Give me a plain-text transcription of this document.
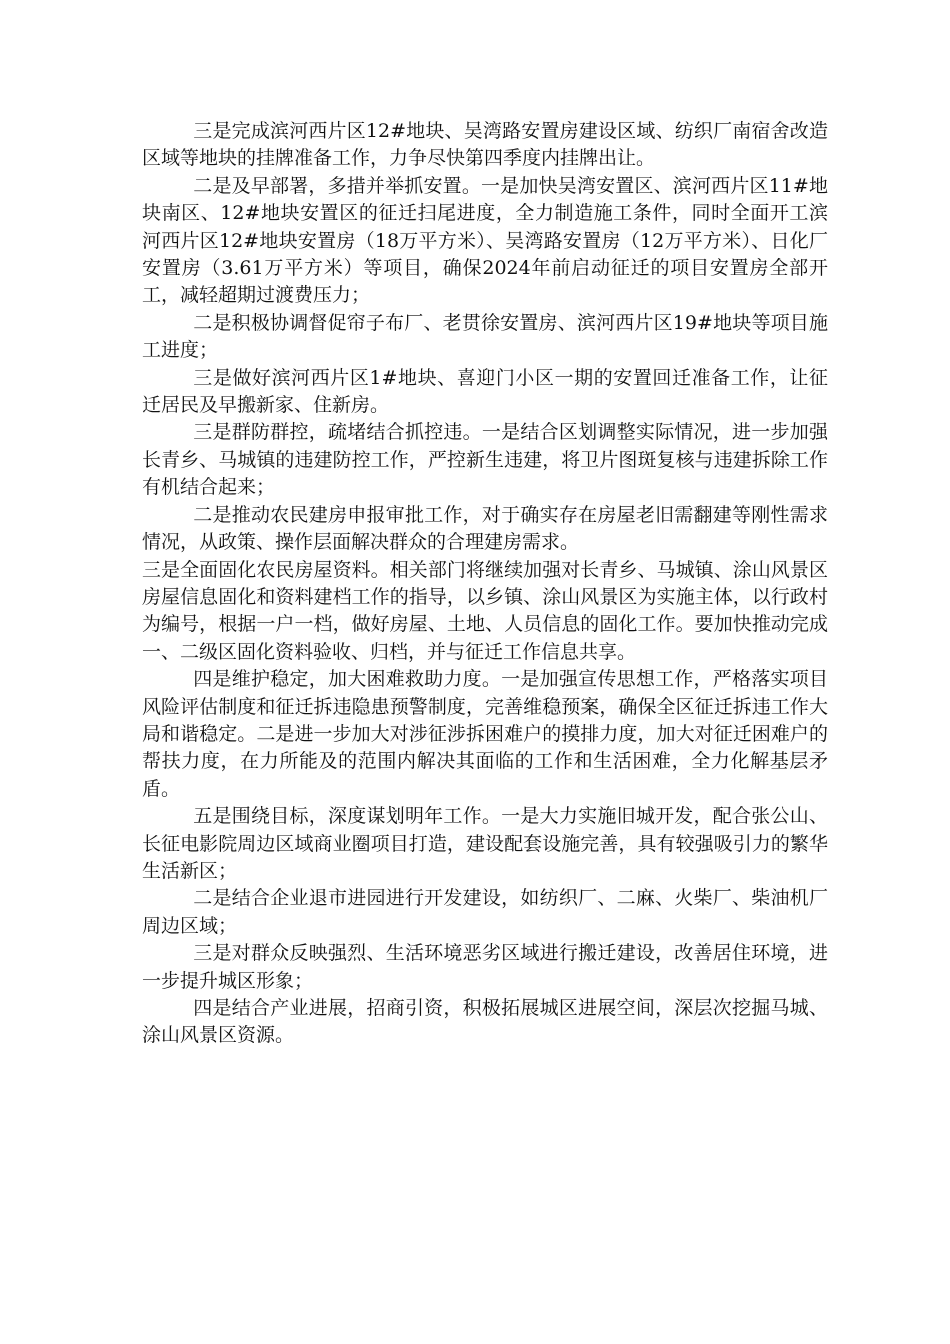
三是完成滨河西片区12#地块、吴湾路安置房建设区域、纺织厂南宿舍改造区域等地块的挂牌准备工作，力争尽快第四季度内挂牌出让。

二是及早部署，多措并举抓安置。一是加快吴湾安置区、滨河西片区11#地块南区、12#地块安置区的征迁扫尾进度，全力制造施工条件，同时全面开工滨河西片区12#地块安置房（18万平方米）、吴湾路安置房（12万平方米）、日化厂安置房（3.61万平方米）等项目，确保2024年前启动征迁的项目安置房全部开工，减轻超期过渡费压力；

二是积极协调督促帘子布厂、老贯徐安置房、滨河西片区19#地块等项目施工进度；

三是做好滨河西片区1#地块、喜迎门小区一期的安置回迁准备工作，让征迁居民及早搬新家、住新房。

三是群防群控，疏堵结合抓控违。一是结合区划调整实际情况，进一步加强长青乡、马城镇的违建防控工作，严控新生违建，将卫片图斑复核与违建拆除工作有机结合起来；

二是推动农民建房申报审批工作，对于确实存在房屋老旧需翻建等刚性需求情况，从政策、操作层面解决群众的合理建房需求。

三是全面固化农民房屋资料。相关部门将继续加强对长青乡、马城镇、涂山风景区房屋信息固化和资料建档工作的指导，以乡镇、涂山风景区为实施主体，以行政村为编号，根据一户一档，做好房屋、土地、人员信息的固化工作。要加快推动完成一、二级区固化资料验收、归档，并与征迁工作信息共享。

四是维护稳定，加大困难救助力度。一是加强宣传思想工作，严格落实项目风险评估制度和征迁拆违隐患预警制度，完善维稳预案，确保全区征迁拆违工作大局和谐稳定。二是进一步加大对涉征涉拆困难户的摸排力度，加大对征迁困难户的帮扶力度，在力所能及的范围内解决其面临的工作和生活困难，全力化解基层矛盾。

五是围绕目标，深度谋划明年工作。一是大力实施旧城开发，配合张公山、长征电影院周边区域商业圈项目打造，建设配套设施完善，具有较强吸引力的繁华生活新区；

二是结合企业退市进园进行开发建设，如纺织厂、二麻、火柴厂、柴油机厂周边区域；

三是对群众反映强烈、生活环境恶劣区域进行搬迁建设，改善居住环境，进一步提升城区形象；

四是结合产业进展，招商引资，积极拓展城区进展空间，深层次挖掘马城、涂山风景区资源。
